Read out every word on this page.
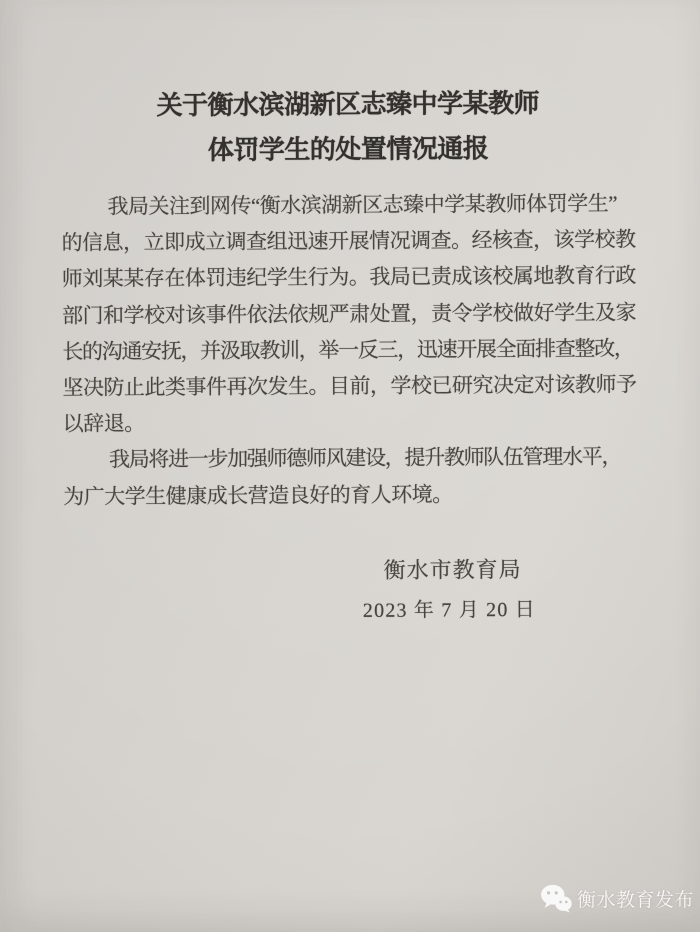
关于衡水滨湖新区志臻中学某教师
体罚学生的处置情况通报
我局关注到网传“衡水滨湖新区志臻中学某教师体罚学生”
的信息，立即成立调查组迅速开展情况调查。经核查，该学校教
师刘某某存在体罚违纪学生行为。我局已责成该校属地教育行政
部门和学校对该事件依法依规严肃处置，责令学校做好学生及家
长的沟通安抚，并汲取教训，举一反三，迅速开展全面排查整改，
坚决防止此类事件再次发生。目前，学校已研究决定对该教师予
以辞退。
我局将进一步加强师德师风建设，提升教师队伍管理水平，
为广大学生健康成长营造良好的育人环境。
衡水市教育局
2023 年 7 月 20 日
衡水教育发布
